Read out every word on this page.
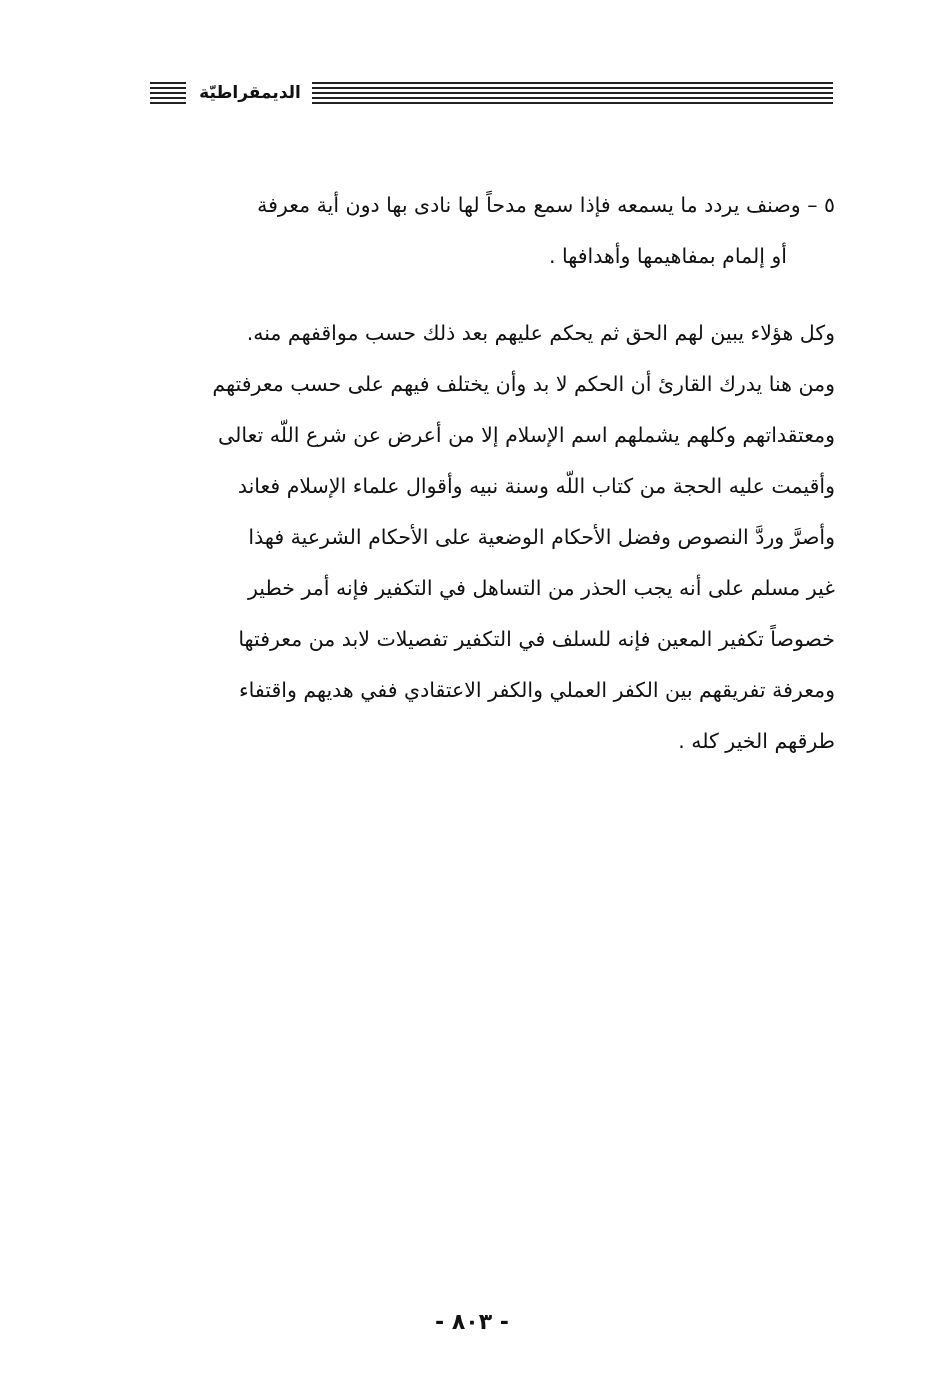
الديمقراطيّة
٥ – وصنف يردد ما يسمعه فإذا سمع مدحاً لها نادى بها دون أية معرفة
أو إلمام بمفاهيمها وأهدافها .

وكل هؤلاء يبين لهم الحق ثم يحكم عليهم بعد ذلك حسب مواقفهم منه.

ومن هنا يدرك القارئ أن الحكم لا بد وأن يختلف فيهم على حسب معرفتهم

ومعتقداتهم وكلهم يشملهم اسم الإسلام إلا من أعرض عن شرع اللّه تعالى

وأقيمت عليه الحجة من كتاب اللّه وسنة نبيه وأقوال علماء الإسلام فعاند

وأصرَّ وردَّ النصوص وفضل الأحكام الوضعية على الأحكام الشرعية فهذا

غير مسلم على أنه يجب الحذر من التساهل في التكفير فإنه أمر خطير

خصوصاً تكفير المعين فإنه للسلف في التكفير تفصيلات لابد من معرفتها

ومعرفة تفريقهم بين الكفر العملي والكفر الاعتقادي ففي هديهم واقتفاء

طرقهم الخير كله .

- ٨٠٣ -
